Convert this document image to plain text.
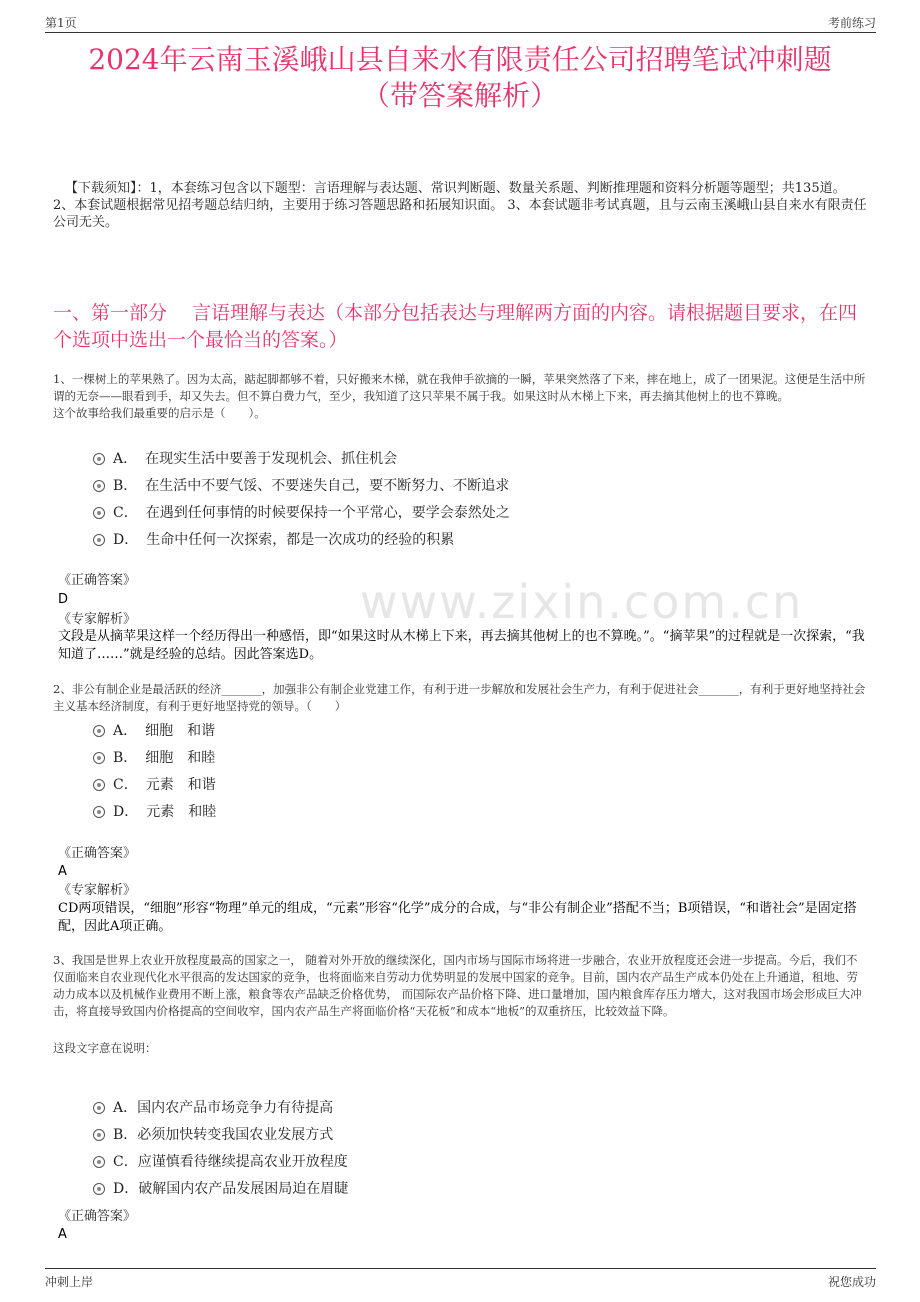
第1页	考前练习
2024年云南玉溪峨山县自来水有限责任公司招聘笔试冲刺题
（带答案解析）
【下载须知】：1，本套练习包含以下题型：言语理解与表达题、常识判断题、数量关系题、判断推理题和资料分析题等题型；共135道。 2、本套试题根据常见招考题总结归纳，主要用于练习答题思路和拓展知识面。 3、本套试题非考试真题，且与云南玉溪峨山县自来水有限责任公司无关。
一、第一部分　 言语理解与表达（本部分包括表达与理解两方面的内容。请根据题目要求，在四个选项中选出一个最恰当的答案。）
www.zixin.com.cn

1、一棵树上的苹果熟了。因为太高，踮起脚都够不着，只好搬来木梯，就在我伸手欲摘的一瞬，苹果突然落了下来，摔在地上，成了一团果泥。这便是生活中所谓的无奈——眼看到手，却又失去。但不算白费力气，至少，我知道了这只苹果不属于我。如果这时从木梯上下来，再去摘其他树上的也不算晚。

这个故事给我们最重要的启示是（　　）。

A． 在现实生活中要善于发现机会、抓住机会
B． 在生活中不要气馁、不要迷失自己，要不断努力、不断追求
C． 在遇到任何事情的时候要保持一个平常心，要学会泰然处之
D． 生命中任何一次探索，都是一次成功的经验的积累
《正确答案》
D
《专家解析》
文段是从摘苹果这样一个经历得出一种感悟，即“如果这时从木梯上下来，再去摘其他树上的也不算晚。”。“摘苹果”的过程就是一次探索，“我知道了……”就是经验的总结。因此答案选D。

2、非公有制企业是最活跃的经济_______，加强非公有制企业党建工作，有利于进一步解放和发展社会生产力，有利于促进社会_______，有利于更好地坚持社会主义基本经济制度，有利于更好地坚持党的领导。（　　）

A． 细胞　和谐
B． 细胞　和睦
C． 元素　和谐
D． 元素　和睦
《正确答案》
A
《专家解析》
CD两项错误，“细胞”形容“物理”单元的组成，“元素”形容“化学”成分的合成，与“非公有制企业”搭配不当；B项错误，“和谐社会”是固定搭配，因此A项正确。

3、我国是世界上农业开放程度最高的国家之一， 随着对外开放的继续深化，国内市场与国际市场将进一步融合，农业开放程度还会进一步提高。今后，我们不仅面临来自农业现代化水平很高的发达国家的竞争，也将面临来自劳动力优势明显的发展中国家的竞争。目前，国内农产品生产成本仍处在上升通道，租地、劳动力成本以及机械作业费用不断上涨，粮食等农产品缺乏价格优势， 而国际农产品价格下降、进口量增加，国内粮食库存压力增大，这对我国市场会形成巨大冲击，将直接导致国内价格提高的空间收窄，国内农产品生产将面临价格“天花板”和成本“地板”的双重挤压，比较效益下降。

这段文字意在说明：

A．国内农产品市场竞争力有待提高
B．必须加快转变我国农业发展方式
C．应谨慎看待继续提高农业开放程度
D．破解国内农产品发展困局迫在眉睫
《正确答案》
A
冲刺上岸	祝您成功
